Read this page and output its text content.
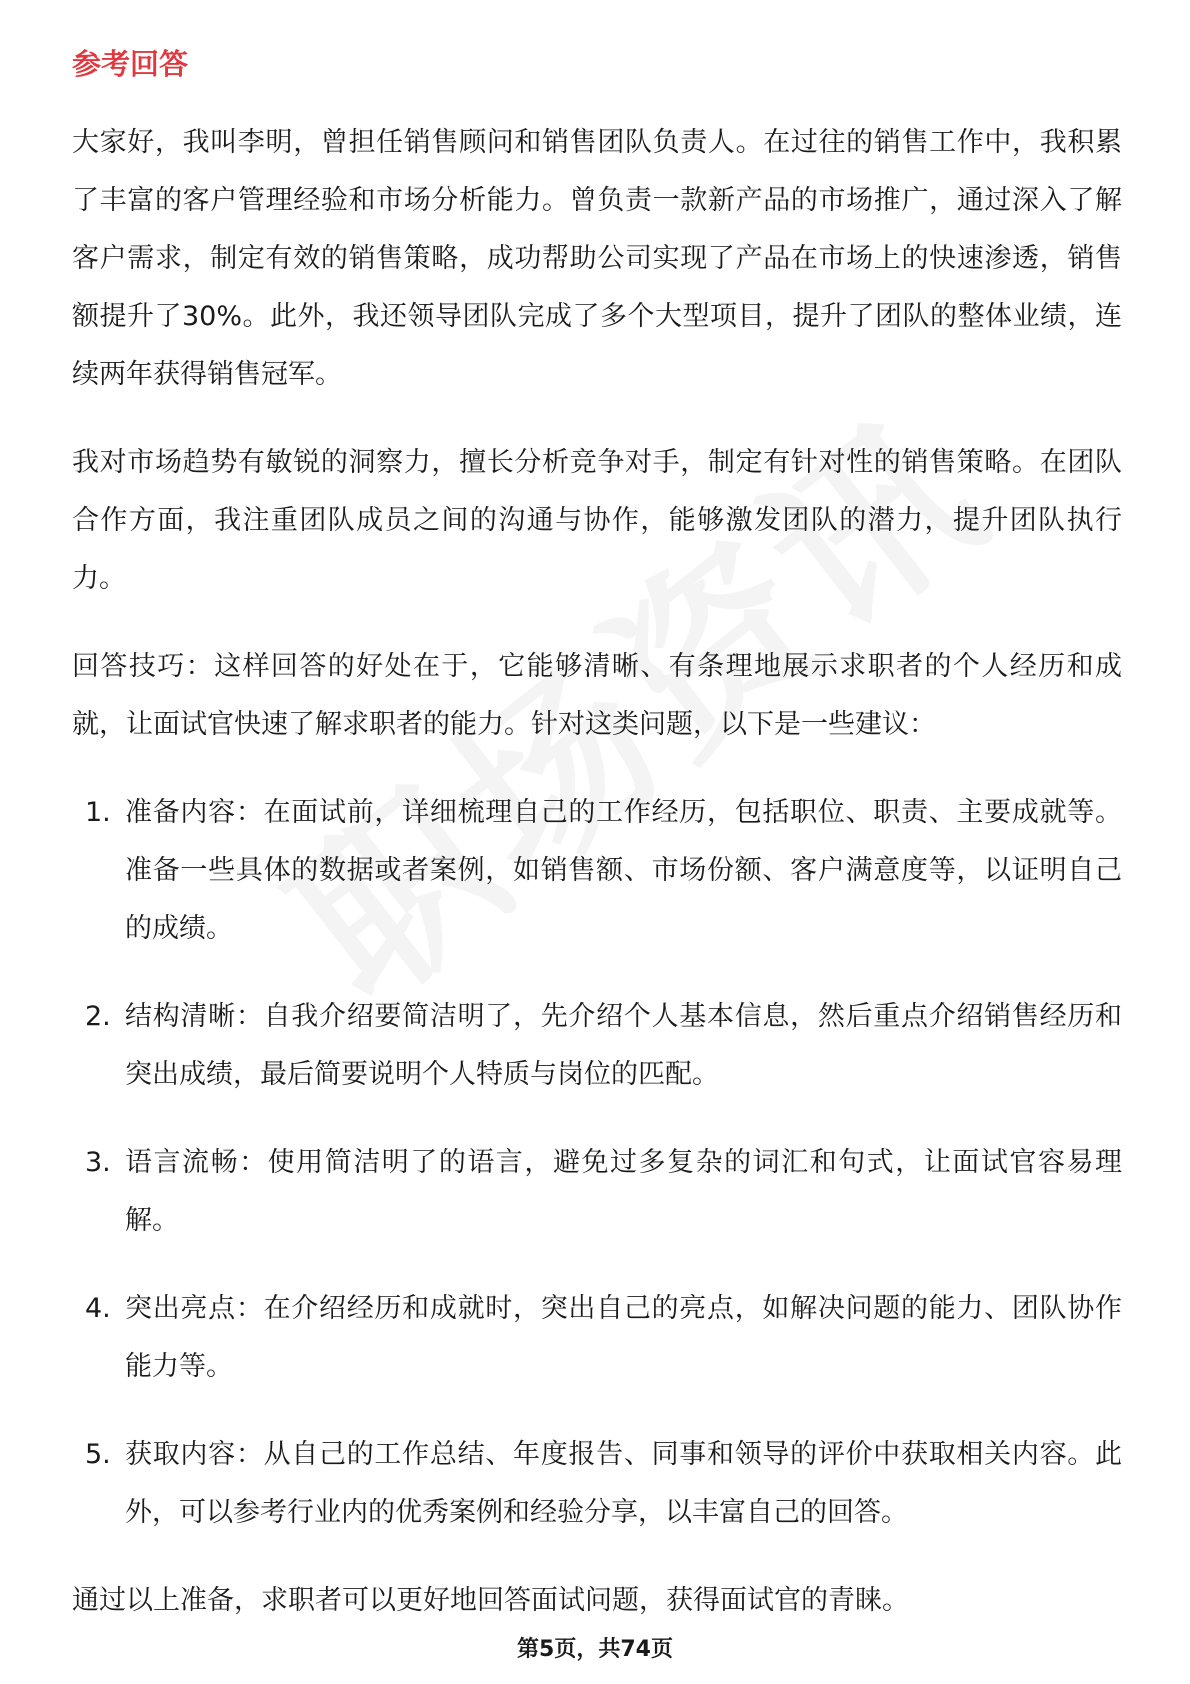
参考回答

大家好，我叫李明，曾担任销售顾问和销售团队负责人。在过往的销售工作中，我积累了丰富的客户管理经验和市场分析能力。曾负责一款新产品的市场推广，通过深入了解客户需求，制定有效的销售策略，成功帮助公司实现了产品在市场上的快速渗透，销售额提升了30%。此外，我还领导团队完成了多个大型项目，提升了团队的整体业绩，连续两年获得销售冠军。

我对市场趋势有敏锐的洞察力，擅长分析竞争对手，制定有针对性的销售策略。在团队合作方面，我注重团队成员之间的沟通与协作，能够激发团队的潜力，提升团队执行力。

回答技巧：这样回答的好处在于，它能够清晰、有条理地展示求职者的个人经历和成就，让面试官快速了解求职者的能力。针对这类问题，以下是一些建议：

1. 准备内容：在面试前，详细梳理自己的工作经历，包括职位、职责、主要成就等。准备一些具体的数据或者案例，如销售额、市场份额、客户满意度等，以证明自己的成绩。
2. 结构清晰：自我介绍要简洁明了，先介绍个人基本信息，然后重点介绍销售经历和突出成绩，最后简要说明个人特质与岗位的匹配。
3. 语言流畅：使用简洁明了的语言，避免过多复杂的词汇和句式，让面试官容易理解。
4. 突出亮点：在介绍经历和成就时，突出自己的亮点，如解决问题的能力、团队协作能力等。
5. 获取内容：从自己的工作总结、年度报告、同事和领导的评价中获取相关内容。此外，可以参考行业内的优秀案例和经验分享，以丰富自己的回答。

通过以上准备，求职者可以更好地回答面试问题，获得面试官的青睐。

第5页，共74页
